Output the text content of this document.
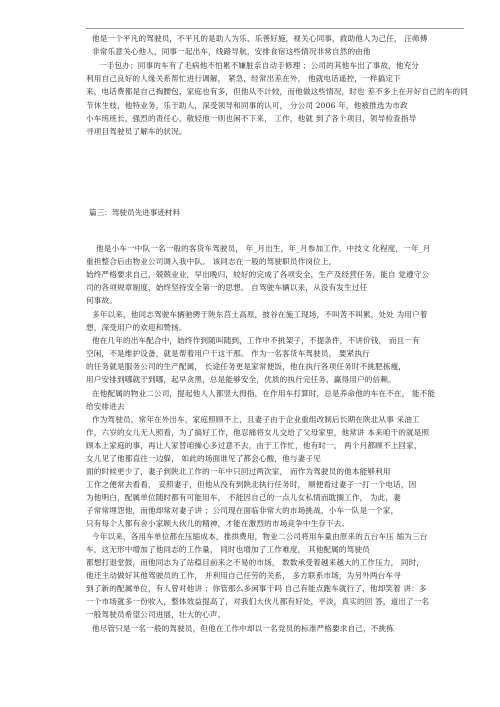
他是一个平凡的驾驶员，不平凡的是助人为乐、乐善好施，视关心同事，救助他人为己任， 汪师傅
非常乐意关心他人，同事一起出车，线路导航，安排食宿这些情况非常自然的由他
一手包办；同事的车有了毛病他不怕累不嫌脏亲自动手修理 ；公司的其他车出了事故，他充分
利用自己良好的人缘关系帮忙进行调解， 紧急，经常出差在外， 他就电话遥控，一样搞定下
来，电话费都是自己掏腰包，家庭也有多，但他从不计较，而他做这些情况，时也 差不多上在开好自己的车的同
节休生枝，他特业务，乐于助人，深受领导和同事的认可， 分公司 2006 年，他被推选为市政
小车班班长，强烈的责任心，敬轻他一则也闲不下来， 工作，他就 到了各个项目，领导检查指导
寻项目驾驶员了解车的状况。
篇三：驾驶员先进事迹材料
他是小车一中队一名一般的客货车驾驶员， 年_月出生，年_月参加工作，中技文 化程度，一年_月
重担整合后由物业公司调入我中队。 该同志在一般的驾驶职员作岗位上，
始终严格要求自己，兢兢业业，早出晚归，较好的完成了各项安全，生产及经营任务，能自 觉遵守公
司的各项规章制度，始终坚持安全第一的思想。 自驾驶车辆以来，从没有发生过任
何事故。
多年以来，他同志驾驶车辆驰骋于陕东莒土高原，披谷在施工现场，不叫苦不叫累，处处 为用户着
想，深受用户的欢迎和赞扬。
他在几年的出车配合中，始终作到随叫随到，工作中不挑架子，不提条件，不讲价钱， 而且一有
空闲，不是维护设备，就是帮着用户干这干那。 作为一名客货车驾驶员， 要紧执行
的任务就是服务公司的生产配属， 长途任务更是家常便饭，他在执行各项任务时不挑肥拣瘦，
用户安排到哪就干到哪，起早贪黑，总是能够安全，优质的执行完任务，赢得用户的信赖。
在他配属的物业二公司，提起他人人都竖大拇指，在作用车打算时，总是养命他的车在不在， 能不能
给安排进去
作为驾驶员，常年在外出车，家庭照顾不上，且妻子由于企业重组改制后长期在陕北从事 采油工
作，六岁的女儿无人照看，为了搞好工作，他忍痛将女儿交给了父母家里，他常讲 本来咱干的就是照
顾本上家庭的事，再让人家替咱操心多过意不去，由于工作忙，他有时一， 两个月都顾不上回家，
女儿见了他都直往一边躲， 如此的场面谁见了都会心酸，他与妻子见
面的时候更少了，妻子到陕北工作的一年中只回过两次家， 而作为驾驶员的他本能够利用
工作之便常去看看， 妥照妻子，但他从没有到陕北执行任务时， 顺便看过妻子一打一个电话，因
为他明白，配属单位随时都有可能用车， 不能因自己的一点儿女私情而耽搁工作， 为此，妻
子常常埋怨他，而他却常对妻子讲 ；公司现在面临非常大的市场挑战，小车一队是一个家，
只有每个人都有舍小家顾大伙儿的精神，才能在激烈的市场竞争中生存下去。
今年以来，各用车单位都在压缩成本，推拱费用，物业二公司将用车量由原来的五台车压 缩为三台
车，这无形中增加了他同志的工作量， 同时也增加了工作难度， 其他配属的驾驶员
都想打退堂鼓，而他同志为了站稳目前来之不易的市场， 数数承受着越来越大的工作压力， 同时，
他还主动做好其他驾驶员的工作， 并利用自己任劳的关系， 多方联系市场，为另外两台车寻
到了新的配属单位，有人曾对他讲 ；你管那么多闲事干吗 自己有能点跑车就行了，他却笑着 讲：多
一个市场就多一份收入，整体效益提高了，对我们大伙儿都有好处，平淡，真实的回 答，道出了一名
一般驾驶员希望公司进展，壮大的心声。
他尽管只是一名一般的驾驶员，但他在工作中却以一名党员的标准严格要求自己，不挑拣
